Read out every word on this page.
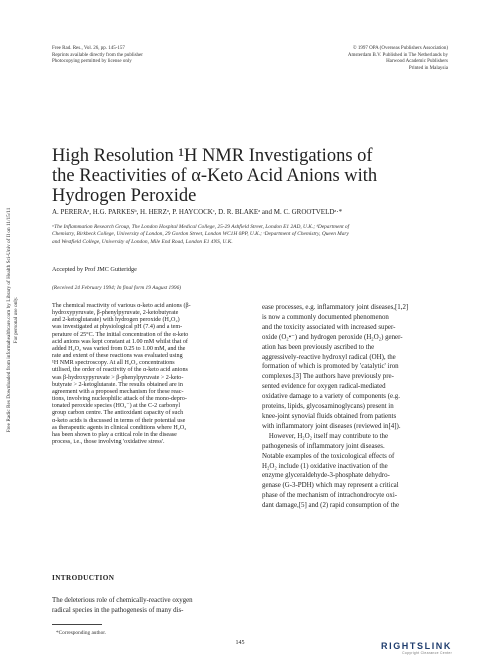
Free Rad. Res., Vol. 26, pp. 145-157
Reprints available directly from the publisher
Photocopying permitted by license only
© 1997 OPA (Overseas Publishers Association)
Amsterdam B.V. Published in The Netherlands by
Harwood Academic Publishers
Printed in Malaysia
Free Radic Res Downloaded from informahealthcare.com by Library of Health Sci-Univ of Il on 11/15/11 For personal use only.
High Resolution ¹H NMR Investigations of
the Reactivities of α-Keto Acid Anions with
Hydrogen Peroxide
A. PERERAᵃ, H.G. PARKESᵇ, H. HERZᵃ, P. HAYCOCKᶜ, D. R. BLAKEᵃ and M. C. GROOTVELDᵃ·*
ᵃThe Inflammation Research Group, The London Hospital Medical College, 25-29 Ashfield Street, London E1 2AD, U.K.; ᵇDepartment of
Chemistry, Birkbeck College, University of London, 29 Gordon Street, London WC1H 0PP, U.K.; ᶜDepartment of Chemistry, Queen Mary
and Westfield College, University of London, Mile End Road, London E1 4NS, U.K.
Accepted by Prof JMC Gutteridge
(Received 24 February 1994; In final form 19 August 1996)
The chemical reactivity of various α-keto acid anions (β-
hydroxypyruvate, β-phenylpyruvate, 2-ketobutyrate
and 2-ketoglutarate) with hydrogen peroxide (H₂O₂)
was investigated at physiological pH (7.4) and a tem-
perature of 25°C. The initial concentration of the α-keto
acid anions was kept constant at 1.00 mM whilst that of
added H₂O₂ was varied from 0.25 to 1.00 mM, and the
rate and extent of these reactions was evaluated using
¹H NMR spectroscopy. At all H₂O₂ concentrations
utilised, the order of reactivity of the α-keto acid anions
was β-hydroxypyruvate > β-phenylpyruvate > 2-keto-
butyrate > 2-ketoglutarate. The results obtained are in
agreement with a proposed mechanism for these reac-
tions, involving nucleophilic attack of the mono-depro-
tonated peroxide species (HO₂⁻) at the C-2 carbonyl
group carbon centre. The antioxidant capacity of such
α-keto acids is discussed in terms of their potential use
as therapeutic agents in clinical conditions where H₂O₂
has been shown to play a critical role in the disease
process, i.e., those involving 'oxidative stress'.
INTRODUCTION
The deleterious role of chemically-reactive oxygen
radical species in the pathogenesis of many dis-
ease processes, e.g. inflammatory joint diseases,[1,2]
is now a commonly documented phenomenon
and the toxicity associated with increased super-
oxide (O₂•⁻) and hydrogen peroxide (H₂O₂) gener-
ation has been previously ascribed to the
aggressively-reactive hydroxyl radical (OH), the
formation of which is promoted by 'catalytic' iron
complexes.[3] The authors have previously pre-
sented evidence for oxygen radical-mediated
oxidative damage to a variety of components (e.g.
proteins, lipids, glycosaminoglycans) present in
knee-joint synovial fluids obtained from patients
with inflammatory joint diseases (reviewed in[4]).
However, H₂O₂ itself may contribute to the
pathogenesis of inflammatory joint diseases.
Notable examples of the toxicological effects of
H₂O₂ include (1) oxidative inactivation of the
enzyme glyceraldehyde-3-phosphate dehydro-
genase (G-3-PDH) which may represent a critical
phase of the mechanism of intrachondrocyte oxi-
dant damage,[5] and (2) rapid consumption of the
*Corresponding author.
145	RIGHTSLINK
Copyright Clearance Center
